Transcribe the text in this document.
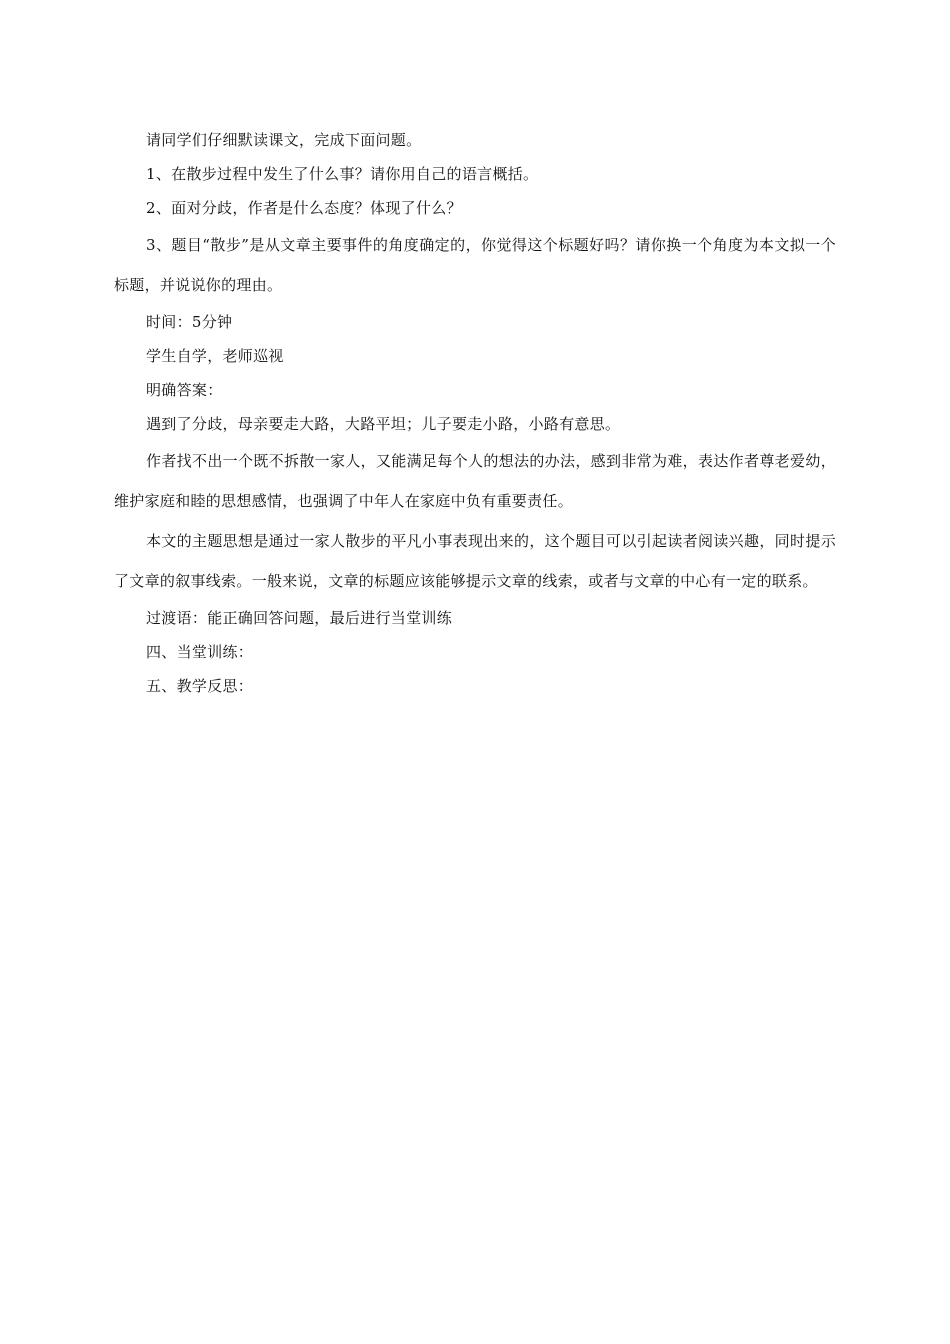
请同学们仔细默读课文，完成下面问题。

1、在散步过程中发生了什么事？请你用自己的语言概括。

2、面对分歧，作者是什么态度？体现了什么？

3、题目“散步”是从文章主要事件的角度确定的，你觉得这个标题好吗？请你换一个角度为本文拟一个标题，并说说你的理由。

时间：5分钟

学生自学，老师巡视

明确答案：

遇到了分歧，母亲要走大路，大路平坦；儿子要走小路，小路有意思。

作者找不出一个既不拆散一家人，又能满足每个人的想法的办法，感到非常为难，表达作者尊老爱幼，维护家庭和睦的思想感情，也强调了中年人在家庭中负有重要责任。

本文的主题思想是通过一家人散步的平凡小事表现出来的，这个题目可以引起读者阅读兴趣，同时提示了文章的叙事线索。一般来说，文章的标题应该能够提示文章的线索，或者与文章的中心有一定的联系。

过渡语：能正确回答问题，最后进行当堂训练

四、当堂训练：

五、教学反思：
